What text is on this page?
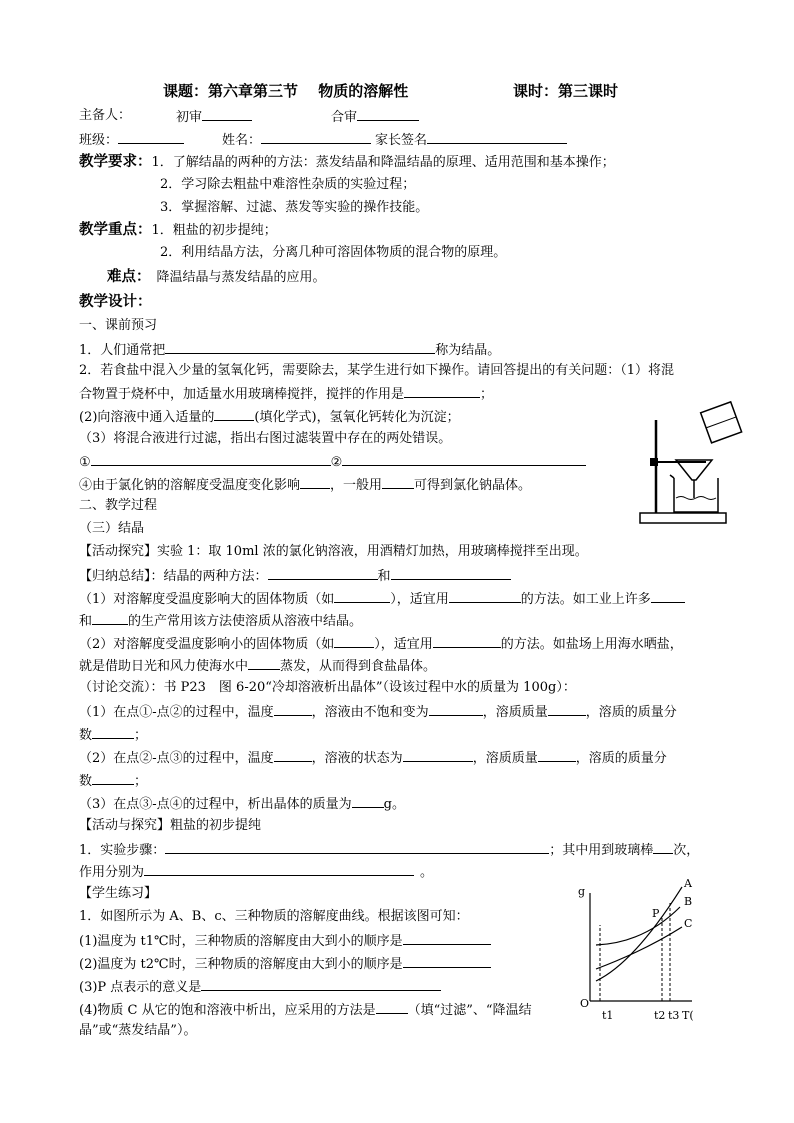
课题：第六章第三节　 物质的溶解性	课时：第三课时
主备人：	初审	合审
班级：	姓名：	家长签名
教学要求：1．了解结晶的两种的方法：蒸发结晶和降温结晶的原理、适用范围和基本操作；
2．学习除去粗盐中难溶性杂质的实验过程；
3．掌握溶解、过滤、蒸发等实验的操作技能。
教学重点：1．粗盐的初步提纯；
2．利用结晶方法，分离几种可溶固体物质的混合物的原理。
难点： 降温结晶与蒸发结晶的应用。
教学设计：
一、课前预习
1．人们通常把	称为结晶。
2．若食盐中混入少量的氢氧化钙，需要除去，某学生进行如下操作。请回答提出的有关问题：（1）将混
合物置于烧杯中，加适量水用玻璃棒搅拌，搅拌的作用是	；
(2)向溶液中通入适量的	(填化学式)，氢氧化钙转化为沉淀；
（3）将混合液进行过滤，指出右图过滤装置中存在的两处错误。
①	②
④由于氯化钠的溶解度受温度变化影响 ，一般用 可得到氯化钠晶体。
二、教学过程
（三）结晶
【活动探究】实验 1：取 10ml 浓的氯化钠溶液，用酒精灯加热，用玻璃棒搅拌至出现。
【归纳总结】：结晶的两种方法：	和
（1）对溶解度受温度影响大的固体物质（如	），适宜用	的方法。如工业上许多
和	的生产常用该方法使溶质从溶液中结晶。
（2）对溶解度受温度影响小的固体物质（如	），适宜用	的方法。如盐场上用海水晒盐，
就是借助日光和风力使海水中 蒸发，从而得到食盐晶体。
（讨论交流）：书 P23　图 6-20“冷却溶液析出晶体”（设该过程中水的质量为 100g）：
（1）在点①-点②的过程中，温度	，溶液由不饱和变为	，溶质质量	，溶质的质量分
数	；
（2）在点②-点③的过程中，温度	，溶液的状态为	，溶质质量	，溶质的质量分
数	；
（3）在点③-点④的过程中，析出晶体的质量为 g。
【活动与探究】粗盐的初步提纯
1．实验步骤：	；其中用到玻璃棒 次，
作用分别为	。
【学生练习】
1．如图所示为 A、B、c、三种物质的溶解度曲线。根据该图可知：
(1)温度为 t1℃时，三种物质的溶解度由大到小的顺序是
(2)温度为 t2℃时，三种物质的溶解度由大到小的顺序是
(3)P 点表示的意义是
(4)物质 C 从它的饱和溶液中析出，应采用的方法是 （填“过滤”、“降温结
晶”或“蒸发结晶”）。
g
O
T(
t1	t2 t3
A
B
C
P
